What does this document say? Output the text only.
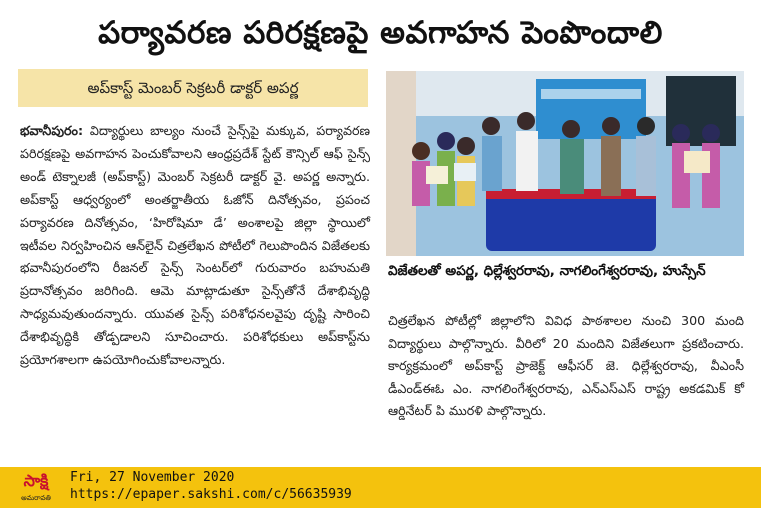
పర్యావరణ పరిరక్షణపై అవగాహన పెంపొందాలి
అప్‌కాస్ట్ మెంబర్ సెక్రటరీ డాక్టర్ అపర్ణ
భవానీపురం: విద్యార్థులు బాల్యం నుంచే సైన్స్‌పై మక్కువ, పర్యావరణ పరిరక్షణపై అవగాహన పెంచుకోవాలని ఆంధ్రప్రదేశ్ స్టేట్ కౌన్సిల్ ఆఫ్ సైన్స్ అండ్ టెక్నాలజీ (అప్‌కాస్ట్) మెంబర్ సెక్రటరీ డాక్టర్ వై. అపర్ణ అన్నారు. అప్‌కాస్ట్ ఆధ్వర్యంలో అంతర్జాతీయ ఓజోన్ దినోత్సవం, ప్రపంచ పర్యావరణ దినోత్సవం, ‘హిరోషిమా డే’ అంశాలపై జిల్లా స్థాయిలో ఇటీవల నిర్వహించిన ఆన్‌లైన్ చిత్రలేఖన పోటీలో గెలుపొందిన విజేతలకు భవానీపురంలోని రీజనల్ సైన్స్ సెంటర్‌లో గురువారం బహుమతి ప్రదానోత్సవం జరిగింది. ఆమె మాట్లాడుతూ సైన్స్‌తోనే దేశాభివృద్ధి సాధ్యమవుతుందన్నారు. యువత సైన్స్ పరిశోధనలవైపు దృష్టి సారించి దేశాభివృద్ధికి తోడ్పడాలని సూచించారు. పరిశోధకులు అప్‌కాస్ట్‌ను ప్రయోగశాలగా ఉపయోగించుకోవాలన్నారు.
విజేతలతో అపర్ణ, ధిల్లేశ్వరరావు, నాగలింగేశ్వరరావు, హుస్సేన్
చిత్రలేఖన పోటీల్లో జిల్లాలోని వివిధ పాఠశాలల నుంచి 300 మంది విద్యార్థులు పాల్గొన్నారు. వీరిలో 20 మందిని విజేతలుగా ప్రకటించారు. కార్యక్రమంలో అప్‌కాస్ట్ ప్రాజెక్ట్ ఆఫీసర్ జె. ధిల్లేశ్వరరావు, వీఎంసీ డీఎండ్ఈఓ ఎం. నాగలింగేశ్వరరావు, ఎన్‌ఎస్‌ఎస్ రాష్ట్ర అకడమిక్ కో ఆర్డినేటర్ పి మురళి పాల్గొన్నారు.
సాక్షి
అమరావతి
Fri, 27 November 2020
https://epaper.sakshi.com/c/56635939
